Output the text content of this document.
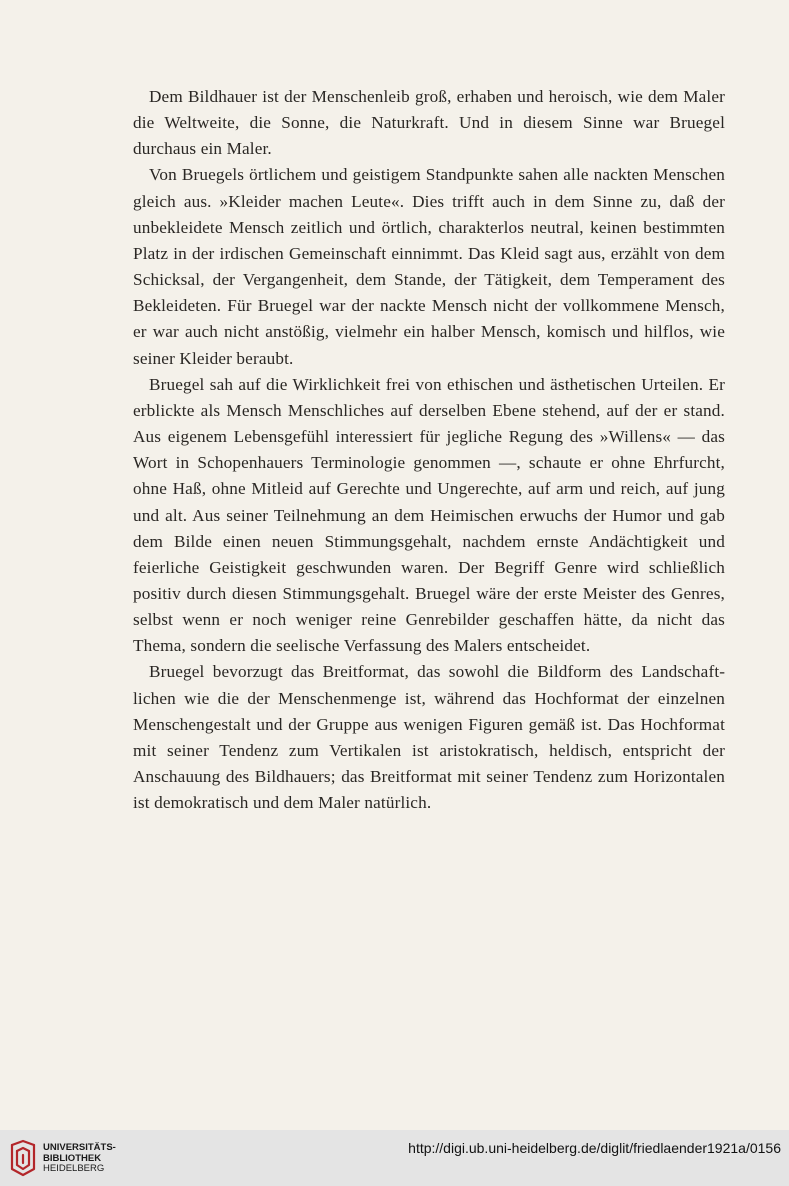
Dem Bildhauer ist der Menschenleib groß, erhaben und heroisch, wie dem Maler die Weltweite, die Sonne, die Naturkraft. Und in diesem Sinne war Bruegel durchaus ein Maler.

Von Bruegels örtlichem und geistigem Standpunkte sahen alle nackten Menschen gleich aus. »Kleider machen Leute«. Dies trifft auch in dem Sinne zu, daß der unbekleidete Mensch zeitlich und örtlich, charakterlos neutral, keinen bestimmten Platz in der irdischen Gemeinschaft einnimmt. Das Kleid sagt aus, erzählt von dem Schicksal, der Vergangenheit, dem Stande, der Tätigkeit, dem Temperament des Bekleideten. Für Bruegel war der nackte Mensch nicht der vollkommene Mensch, er war auch nicht anstößig, vielmehr ein halber Mensch, komisch und hilflos, wie seiner Kleider beraubt.

Bruegel sah auf die Wirklichkeit frei von ethischen und ästhetischen Urteilen. Er erblickte als Mensch Menschliches auf derselben Ebene stehend, auf der er stand. Aus eigenem Lebensgefühl interessiert für jegliche Regung des »Willens« — das Wort in Schopenhauers Terminologie genommen —, schaute er ohne Ehrfurcht, ohne Haß, ohne Mitleid auf Gerechte und Ungerechte, auf arm und reich, auf jung und alt. Aus seiner Teilnehmung an dem Heimischen erwuchs der Humor und gab dem Bilde einen neuen Stimmungsgehalt, nachdem ernste Andächtigkeit und feierliche Geistigkeit geschwunden waren. Der Begriff Genre wird schließlich positiv durch diesen Stimmungsgehalt. Bruegel wäre der erste Meister des Genres, selbst wenn er noch weniger reine Genrebilder geschaffen hätte, da nicht das Thema, sondern die seelische Verfassung des Malers entscheidet.

Bruegel bevorzugt das Breitformat, das sowohl die Bildform des Landschaftlichen wie die der Menschenmenge ist, während das Hochformat der einzelnen Menschengestalt und der Gruppe aus wenigen Figuren gemäß ist. Das Hochformat mit seiner Tendenz zum Vertikalen ist aristokratisch, heldisch, entspricht der Anschauung des Bildhauers; das Breitformat mit seiner Tendenz zum Horizontalen ist demokratisch und dem Maler natürlich.

UNIVERSITÄTS-
BIBLIOTHEK
HEIDELBERG
http://digi.ub.uni-heidelberg.de/diglit/friedlaender1921a/0156
